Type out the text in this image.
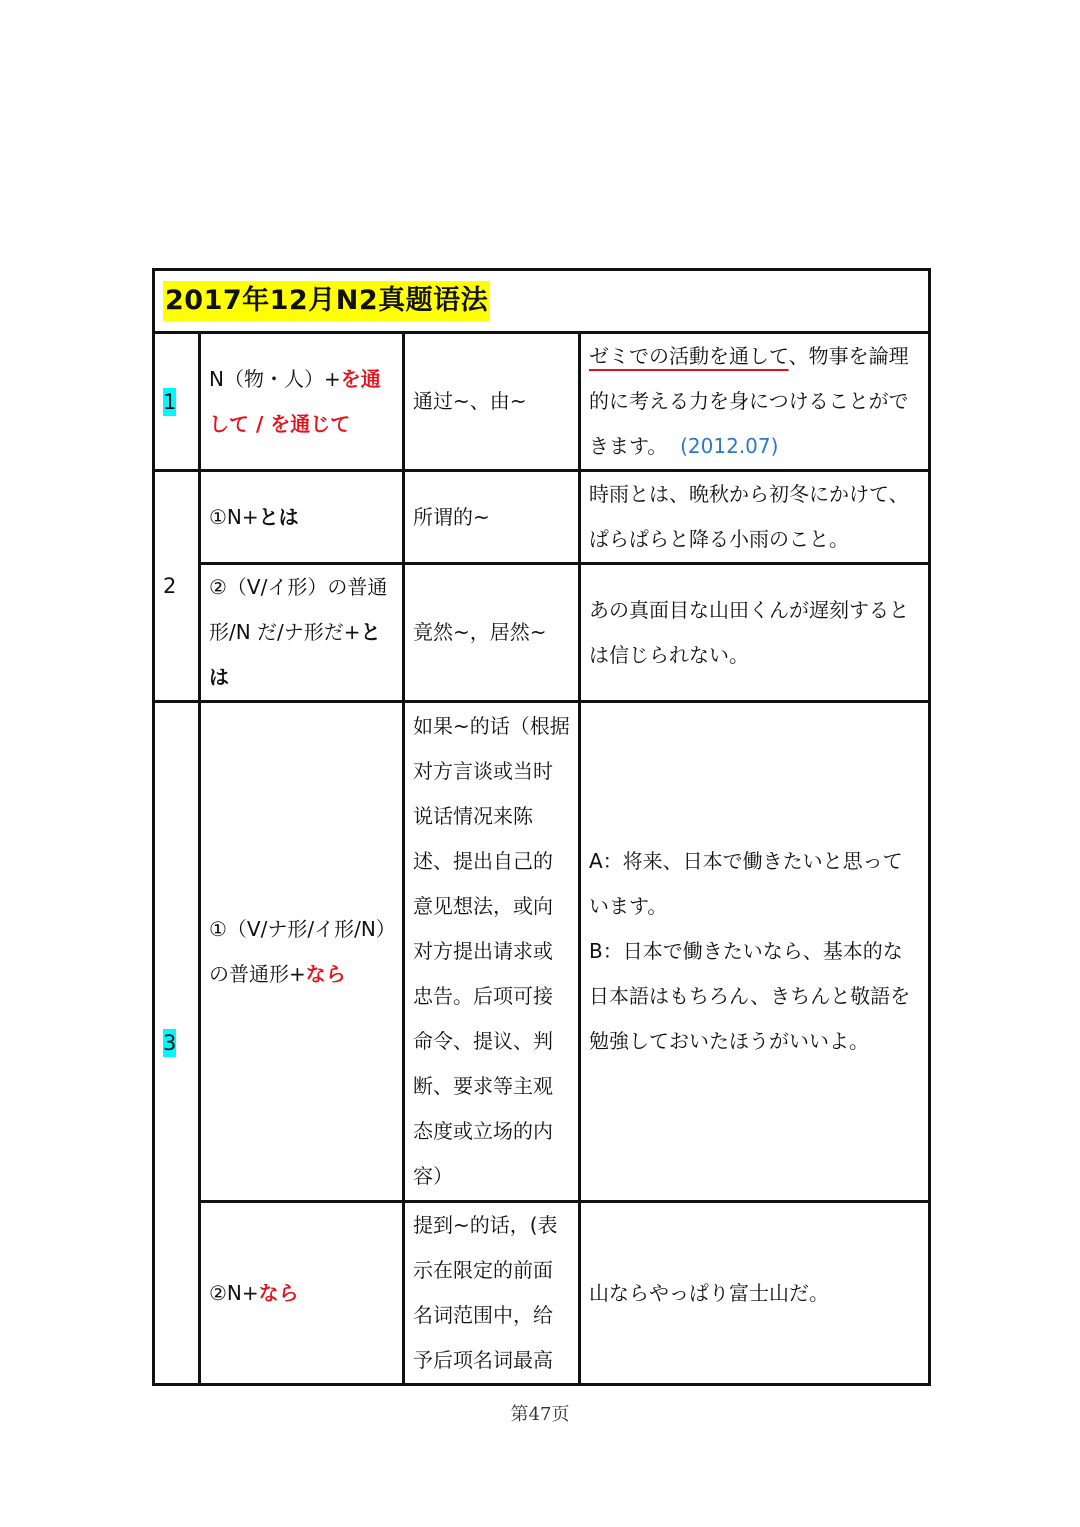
2017年12月N2真题语法			
1	N（物・人）+を通して / を通じて	通过~、由~	ゼミでの活動を通して、物事を論理的に考える力を身につけることができます。 (2012.07)
2	①N+とは	所谓的~	時雨とは、晩秋から初冬にかけて、ぱらぱらと降る小雨のこと。
	②（V/イ形）の普通形/N だ/ナ形だ+とは	竟然~，居然~	あの真面目な山田くんが遅刻するとは信じられない。
3	①（V/ナ形/イ形/N）の普通形+なら	如果~的话（根据对方言谈或当时说话情况来陈述、提出自己的意见想法，或向对方提出请求或忠告。后项可接命令、提议、判断、要求等主观态度或立场的内容）	A：将来、日本で働きたいと思っています。
B：日本で働きたいなら、基本的な日本語はもちろん、きちんと敬語を勉強しておいたほうがいいよ。

	②N+なら	提到~的话，(表示在限定的前面名词范围中，给予后项名词最高	山ならやっぱり富士山だ。
第47页
